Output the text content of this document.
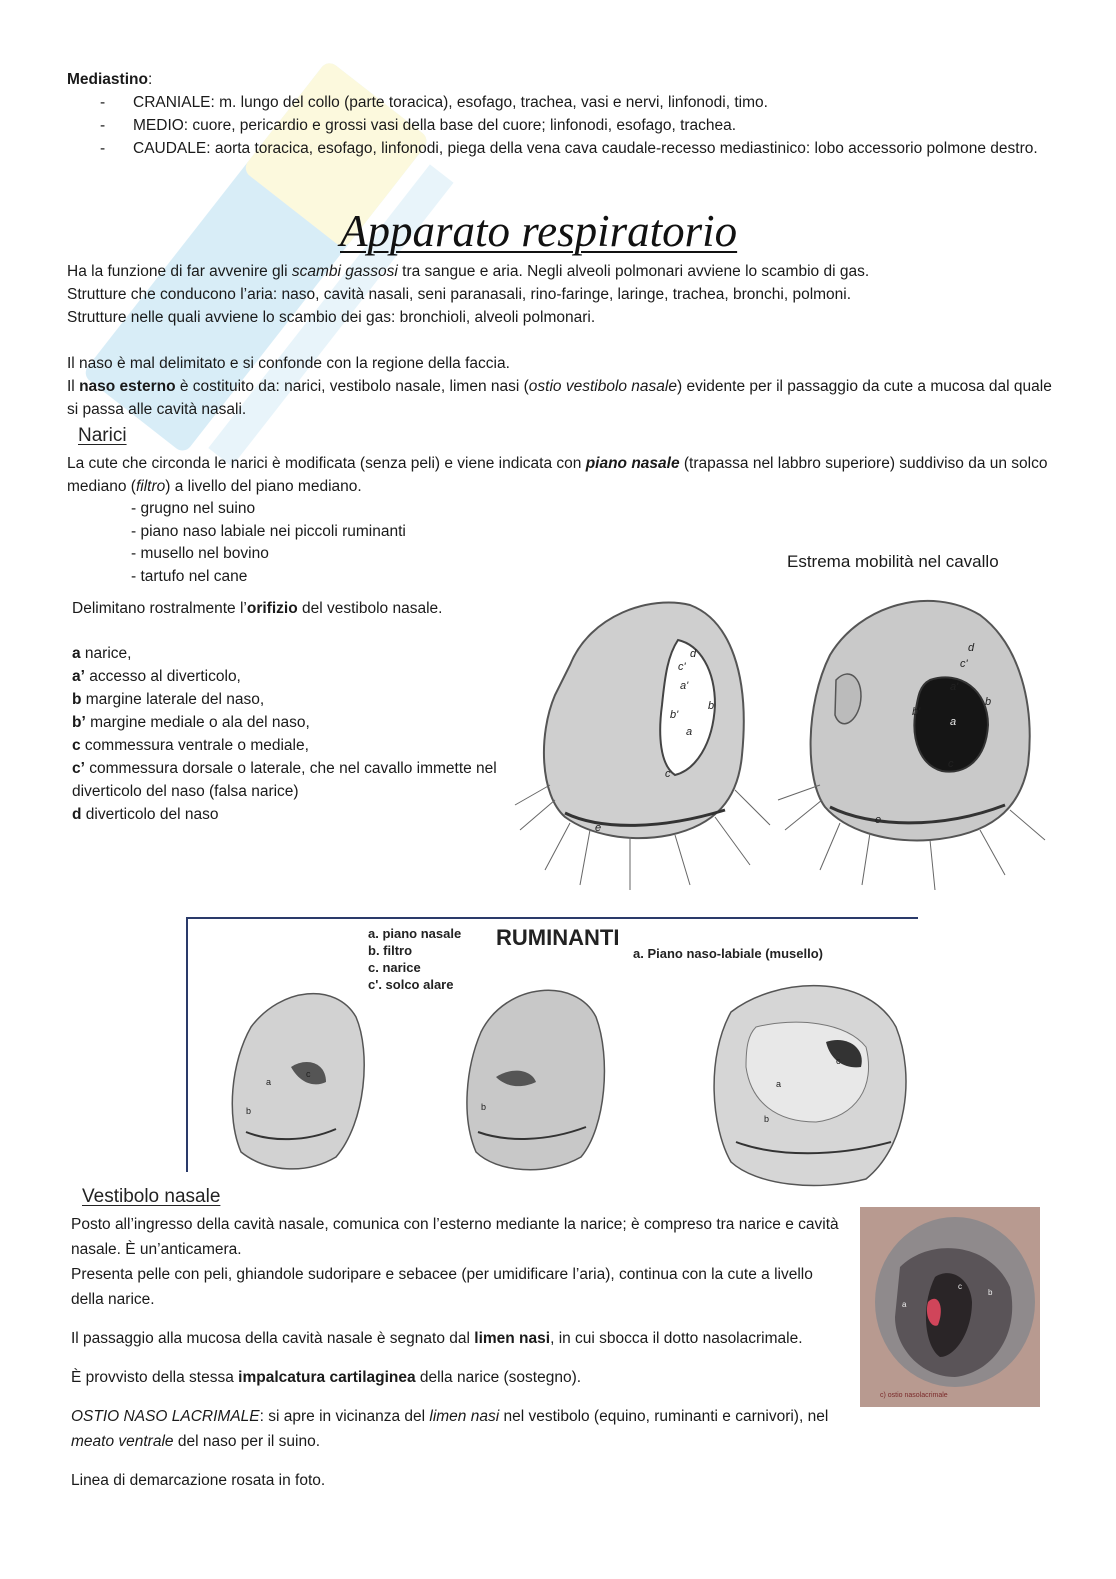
Mediastino:

- CRANIALE: m. lungo del collo (parte toracica), esofago, trachea, vasi e nervi, linfonodi, timo.
- MEDIO: cuore, pericardio e grossi vasi della base del cuore; linfonodi, esofago, trachea.
- CAUDALE: aorta toracica, esofago, linfonodi, piega della vena cava caudale-recesso mediastinico: lobo accessorio polmone destro.
Apparato respiratorio

Ha la funzione di far avvenire gli scambi gassosi tra sangue e aria. Negli alveoli polmonari avviene lo scambio di gas.

Strutture che conducono l’aria: naso, cavità nasali, seni paranasali, rino-faringe, laringe, trachea, bronchi, polmoni.

Strutture nelle quali avviene lo scambio dei gas: bronchioli, alveoli polmonari.

Il naso è mal delimitato e si confonde con la regione della faccia.

Il naso esterno è costituito da: narici, vestibolo nasale, limen nasi (ostio vestibolo nasale) evidente per il passaggio da cute a mucosa dal quale si passa alle cavità nasali.

Narici

La cute che circonda le narici è modificata (senza peli) e viene indicata con piano nasale (trapassa nel labbro superiore) suddiviso da un solco mediano (filtro) a livello del piano mediano.

- grugno nel suino
- piano naso labiale nei piccoli ruminanti
- musello nel bovino
- tartufo nel cane
Estrema mobilità nel cavallo

Delimitano rostralmente l’orifizio del vestibolo nasale.

a narice,
a’ accesso al diverticolo,
b margine laterale del naso,
b’ margine mediale o ala del naso,
c commessura ventrale o mediale,
c’ commessura dorsale o laterale, che nel cavallo immette nel diverticolo del naso (falsa narice)
d diverticolo del naso
a'
a
b
b'
c
c'
d
e
a'
a
b
b'
c
c'
d
e
b
c
a
b
a
b
c
a. piano nasale
b. filtro
c. narice
c'. solco alare
RUMINANTI
a. Piano naso-labiale (musello)
Vestibolo nasale

Posto all’ingresso della cavità nasale, comunica con l’esterno mediante la narice; è compreso tra narice e cavità nasale. È un’anticamera.

Presenta pelle con peli, ghiandole sudoripare e sebacee (per umidificare l’aria), continua con la cute a livello della narice.

Il passaggio alla mucosa della cavità nasale è segnato dal limen nasi, in cui sbocca il dotto nasolacrimale.

È provvisto della stessa impalcatura cartilaginea della narice (sostegno).

OSTIO NASO LACRIMALE: si apre in vicinanza del limen nasi nel vestibolo (equino, ruminanti e carnivori), nel meato ventrale del naso per il suino.

Linea di demarcazione rosata in foto.

a
b
c
c) ostio nasolacrimale
